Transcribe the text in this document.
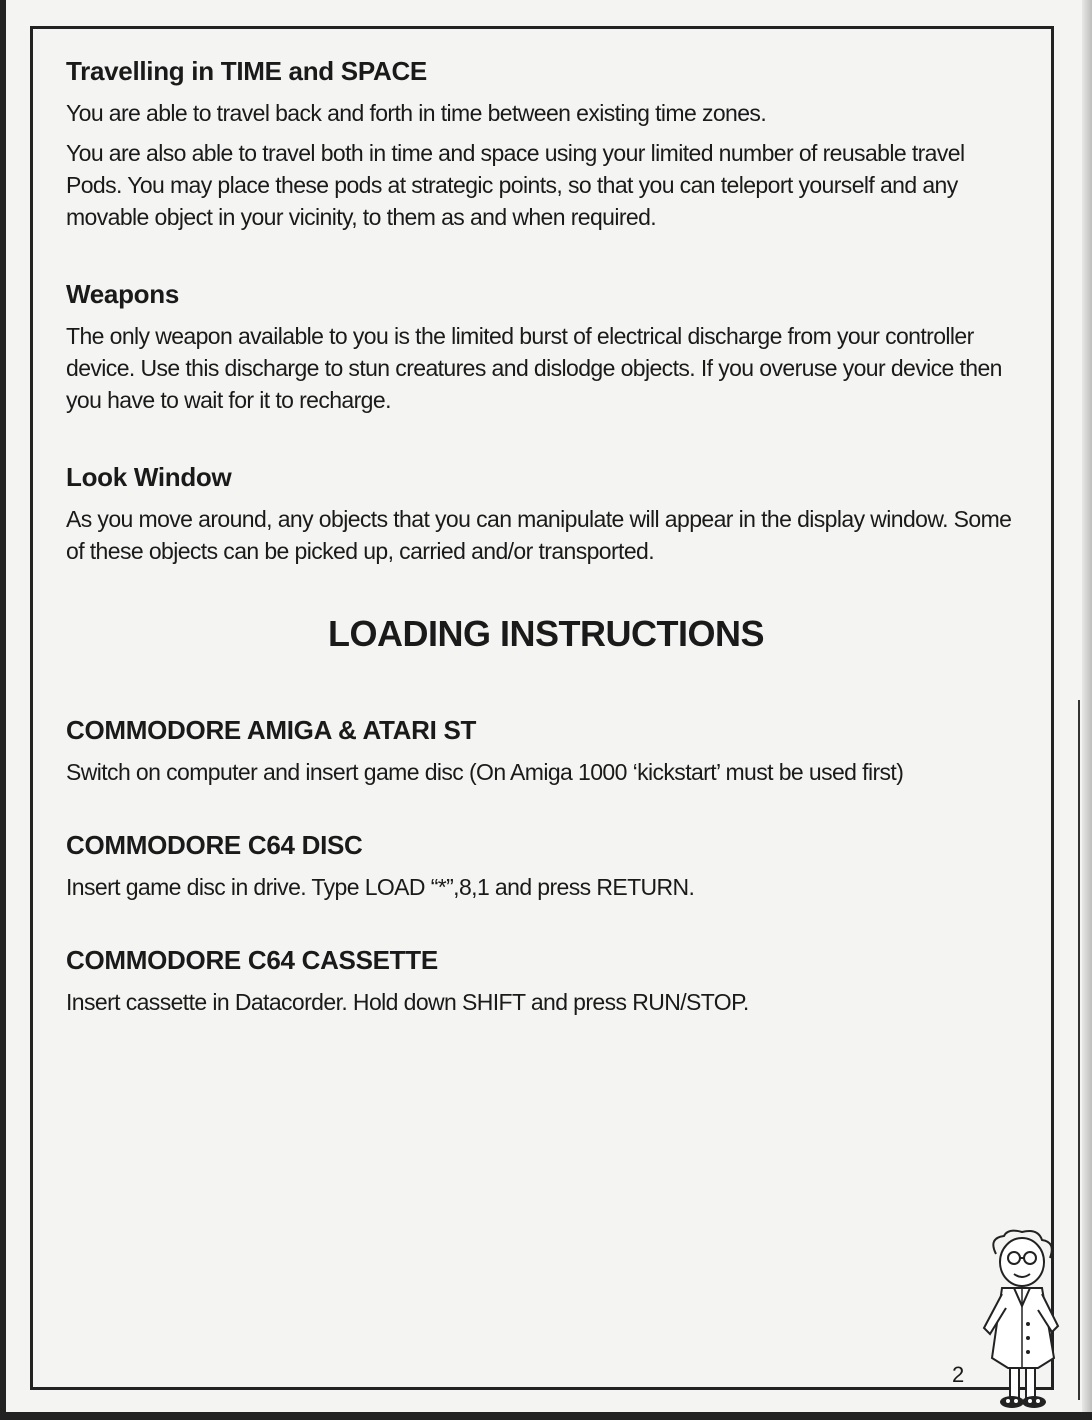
Travelling in TIME and SPACE

You are able to travel back and forth in time between existing time zones.

You are also able to travel both in time and space using your limited number of reusable travel Pods. You may place these pods at strategic points, so that you can teleport yourself and any movable object in your vicinity, to them as and when required.

Weapons

The only weapon available to you is the limited burst of electrical discharge from your controller device. Use this discharge to stun creatures and dislodge objects. If you overuse your device then you have to wait for it to recharge.

Look Window

As you move around, any objects that you can manipulate will appear in the display window. Some of these objects can be picked up, carried and/or transported.

LOADING INSTRUCTIONS
COMMODORE AMIGA & ATARI ST

Switch on computer and insert game disc (On Amiga 1000 ‘kickstart’ must be used first)

COMMODORE C64 DISC

Insert game disc in drive. Type LOAD “*”,8,1 and press RETURN.

COMMODORE C64 CASSETTE

Insert cassette in Datacorder. Hold down SHIFT and press RUN/STOP.

2
